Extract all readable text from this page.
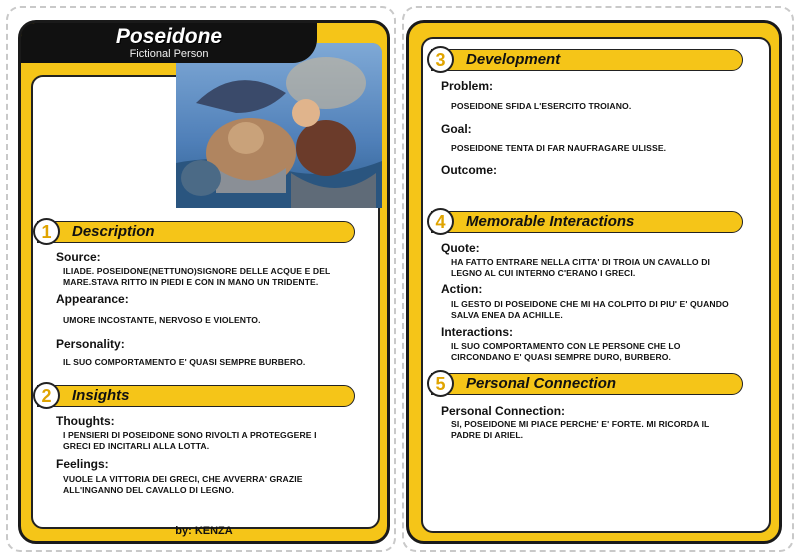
Poseidone
Fictional Person
Description
1
Source:
ILIADE. POSEIDONE(NETTUNO)SIGNORE DELLE ACQUE E DEL
MARE.STAVA RITTO IN PIEDI E CON IN MANO UN TRIDENTE.
Appearance:
UMORE INCOSTANTE, NERVOSO E VIOLENTO.
Personality:
IL SUO COMPORTAMENTO E' QUASI SEMPRE BURBERO.
Insights
2
Thoughts:
I PENSIERI DI POSEIDONE SONO RIVOLTI A PROTEGGERE I
GRECI ED INCITARLI ALLA LOTTA.
Feelings:
VUOLE LA VITTORIA DEI GRECI, CHE AVVERRA' GRAZIE
ALL'INGANNO DEL CAVALLO DI LEGNO.
by: KENZA
Development
3
Problem:
POSEIDONE SFIDA L'ESERCITO TROIANO.
Goal:
POSEIDONE TENTA DI FAR NAUFRAGARE ULISSE.
Outcome:
Memorable Interactions
4
Quote:
HA FATTO ENTRARE NELLA CITTA' DI TROIA UN CAVALLO DI
LEGNO AL CUI INTERNO C'ERANO I GRECI.
Action:
IL GESTO DI POSEIDONE CHE MI HA COLPITO DI PIU' E' QUANDO
SALVA ENEA DA ACHILLE.
Interactions:
IL SUO COMPORTAMENTO CON LE PERSONE CHE LO
CIRCONDANO E' QUASI SEMPRE DURO, BURBERO.
Personal Connection
5
Personal Connection:
SI, POSEIDONE MI PIACE PERCHE' E' FORTE. MI RICORDA IL
PADRE DI ARIEL.
